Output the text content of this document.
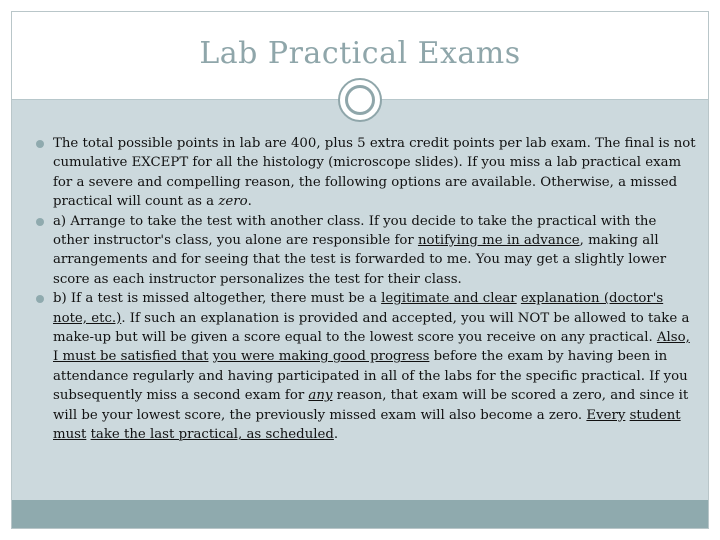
Lab Practical Exams
The total possible points in lab are 400, plus 5 extra credit points per lab exam. The final is not cumulative EXCEPT for all the histology (microscope slides). If you miss a lab practical exam for a severe and compelling reason, the following options are available. Otherwise, a missed practical will count as a zero.
a) Arrange to take the test with another class. If you decide to take the practical with the other instructor's class, you alone are responsible for notifying me in advance, making all arrangements and for seeing that the test is forwarded to me. You may get a slightly lower score as each instructor personalizes the test for their class.
b) If a test is missed altogether, there must be a legitimate and clear explanation (doctor's note, etc.). If such an explanation is provided and accepted, you will NOT be allowed to take a make-up but will be given a score equal to the lowest score you receive on any practical. Also, I must be satisfied that you were making good progress before the exam by having been in attendance regularly and having participated in all of the labs for the specific practical. If you subsequently miss a second exam for any reason, that exam will be scored a zero, and since it will be your lowest score, the previously missed exam will also become a zero. Every student must take the last practical, as scheduled.
